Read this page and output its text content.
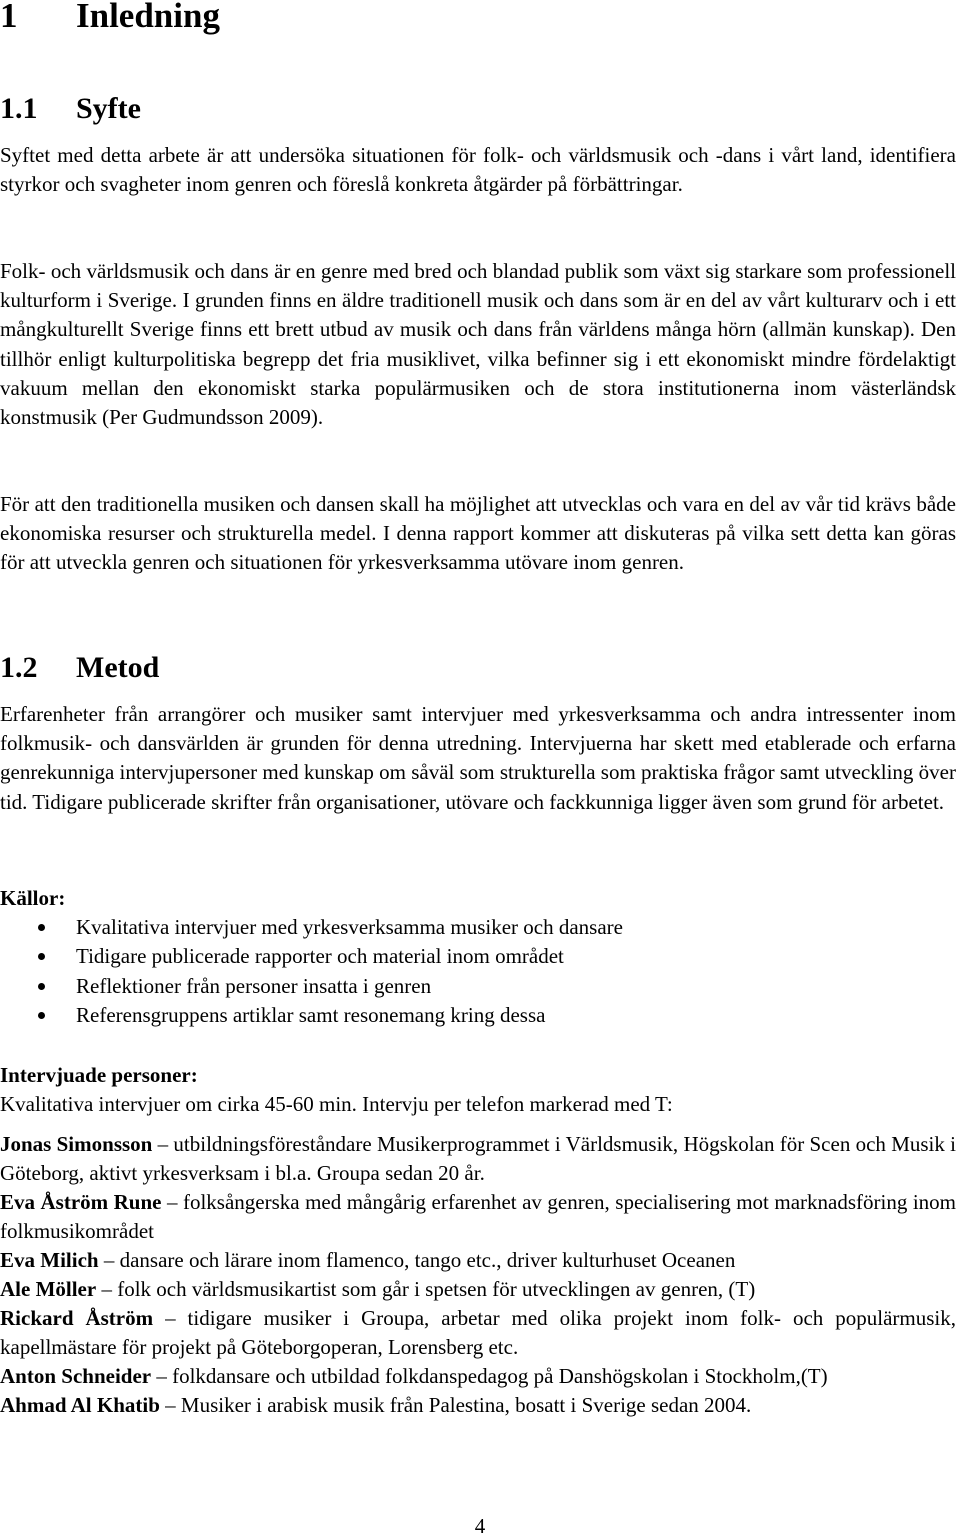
1 Inledning
1.1 Syfte

Syftet med detta arbete är att undersöka situationen för folk- och världsmusik och -dans i vårt land, identifiera styrkor och svagheter inom genren och föreslå konkreta åtgärder på förbättringar.

Folk- och världsmusik och dans är en genre med bred och blandad publik som växt sig starkare som professionell kulturform i Sverige. I grunden finns en äldre traditionell musik och dans som är en del av vårt kulturarv och i ett mångkulturellt Sverige finns ett brett utbud av musik och dans från världens många hörn (allmän kunskap). Den tillhör enligt kulturpolitiska begrepp det fria musiklivet, vilka befinner sig i ett ekonomiskt mindre fördelaktigt vakuum mellan den ekonomiskt starka populärmusiken och de stora institutionerna inom västerländsk konstmusik (Per Gudmundsson 2009).

För att den traditionella musiken och dansen skall ha möjlighet att utvecklas och vara en del av vår tid krävs både ekonomiska resurser och strukturella medel. I denna rapport kommer att diskuteras på vilka sett detta kan göras för att utveckla genren och situationen för yrkesverksamma utövare inom genren.

1.2 Metod

Erfarenheter från arrangörer och musiker samt intervjuer med yrkesverksamma och andra intressenter inom folkmusik- och dansvärlden är grunden för denna utredning. Intervjuerna har skett med etablerade och erfarna genrekunniga intervjupersoner med kunskap om såväl som strukturella som praktiska frågor samt utveckling över tid. Tidigare publicerade skrifter från organisationer, utövare och fackkunniga ligger även som grund för arbetet.

Källor:
Kvalitativa intervjuer med yrkesverksamma musiker och dansare
Tidigare publicerade rapporter och material inom området
Reflektioner från personer insatta i genren
Referensgruppens artiklar samt resonemang kring dessa
Intervjuade personer:
Kvalitativa intervjuer om cirka 45-60 min. Intervju per telefon markerad med T:

Jonas Simonsson – utbildningsföreståndare Musikerprogrammet i Världsmusik, Högskolan för Scen och Musik i Göteborg, aktivt yrkesverksam i bl.a. Groupa sedan 20 år.

Eva Åström Rune – folksångerska med mångårig erfarenhet av genren, specialisering mot marknadsföring inom folkmusikområdet

Eva Milich – dansare och lärare inom flamenco, tango etc., driver kulturhuset Oceanen

Ale Möller – folk och världsmusikartist som går i spetsen för utvecklingen av genren, (T)

Rickard Åström – tidigare musiker i Groupa, arbetar med olika projekt inom folk- och populärmusik, kapellmästare för projekt på Göteborgoperan, Lorensberg etc.

Anton Schneider – folkdansare och utbildad folkdanspedagog på Danshögskolan i Stockholm,(T)

Ahmad Al Khatib – Musiker i arabisk musik från Palestina, bosatt i Sverige sedan 2004.

4
